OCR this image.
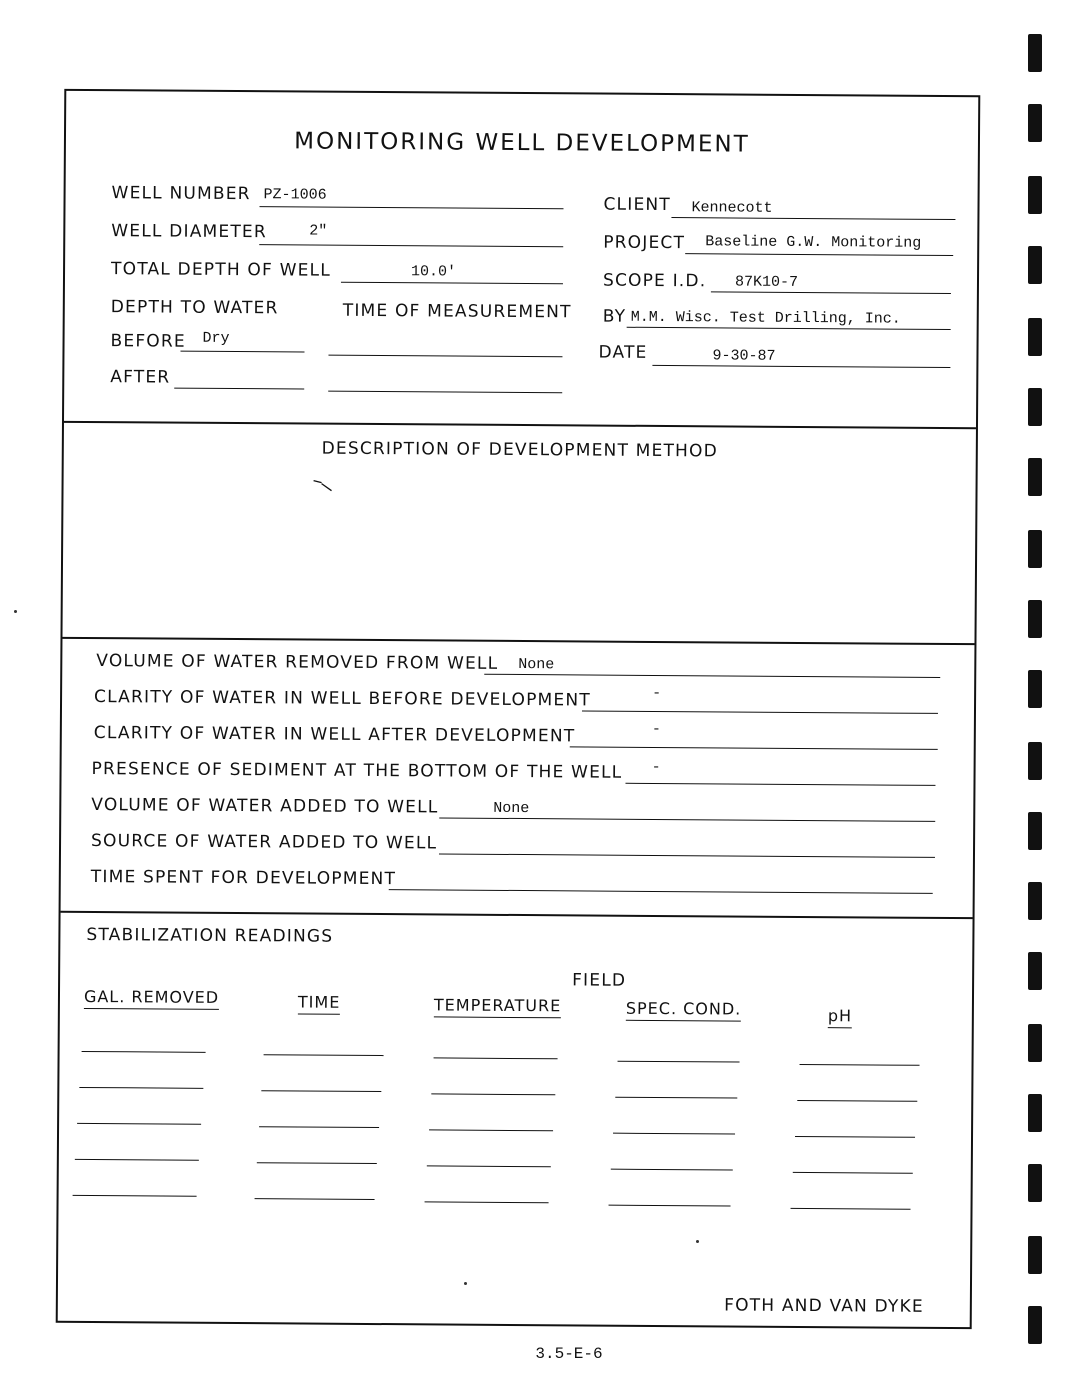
MONITORING WELL DEVELOPMENT
WELL NUMBER PZ-1006
WELL DIAMETER	2"
TOTAL DEPTH OF WELL	10.0'
DEPTH TO WATER	TIME OF MEASUREMENT
BEFORE Dry
AFTER
CLIENT Kennecott
PROJECT Baseline G.W. Monitoring
SCOPE I.D. 87K10-7
BY M.M. Wisc. Test Drilling, Inc.
DATE	9-30-87
DESCRIPTION OF DEVELOPMENT METHOD
VOLUME OF WATER REMOVED FROM WELL None
CLARITY OF WATER IN WELL BEFORE DEVELOPMENT	-
CLARITY OF WATER IN WELL AFTER DEVELOPMENT	-
PRESENCE OF SEDIMENT AT THE BOTTOM OF THE WELL -
VOLUME OF WATER ADDED TO WELL	None
SOURCE OF WATER ADDED TO WELL
TIME SPENT FOR DEVELOPMENT
STABILIZATION READINGS
FIELD
GAL. REMOVED	TIME	TEMPERATURE	SPEC. COND.	pH
FOTH AND VAN DYKE
3.5-E-6
